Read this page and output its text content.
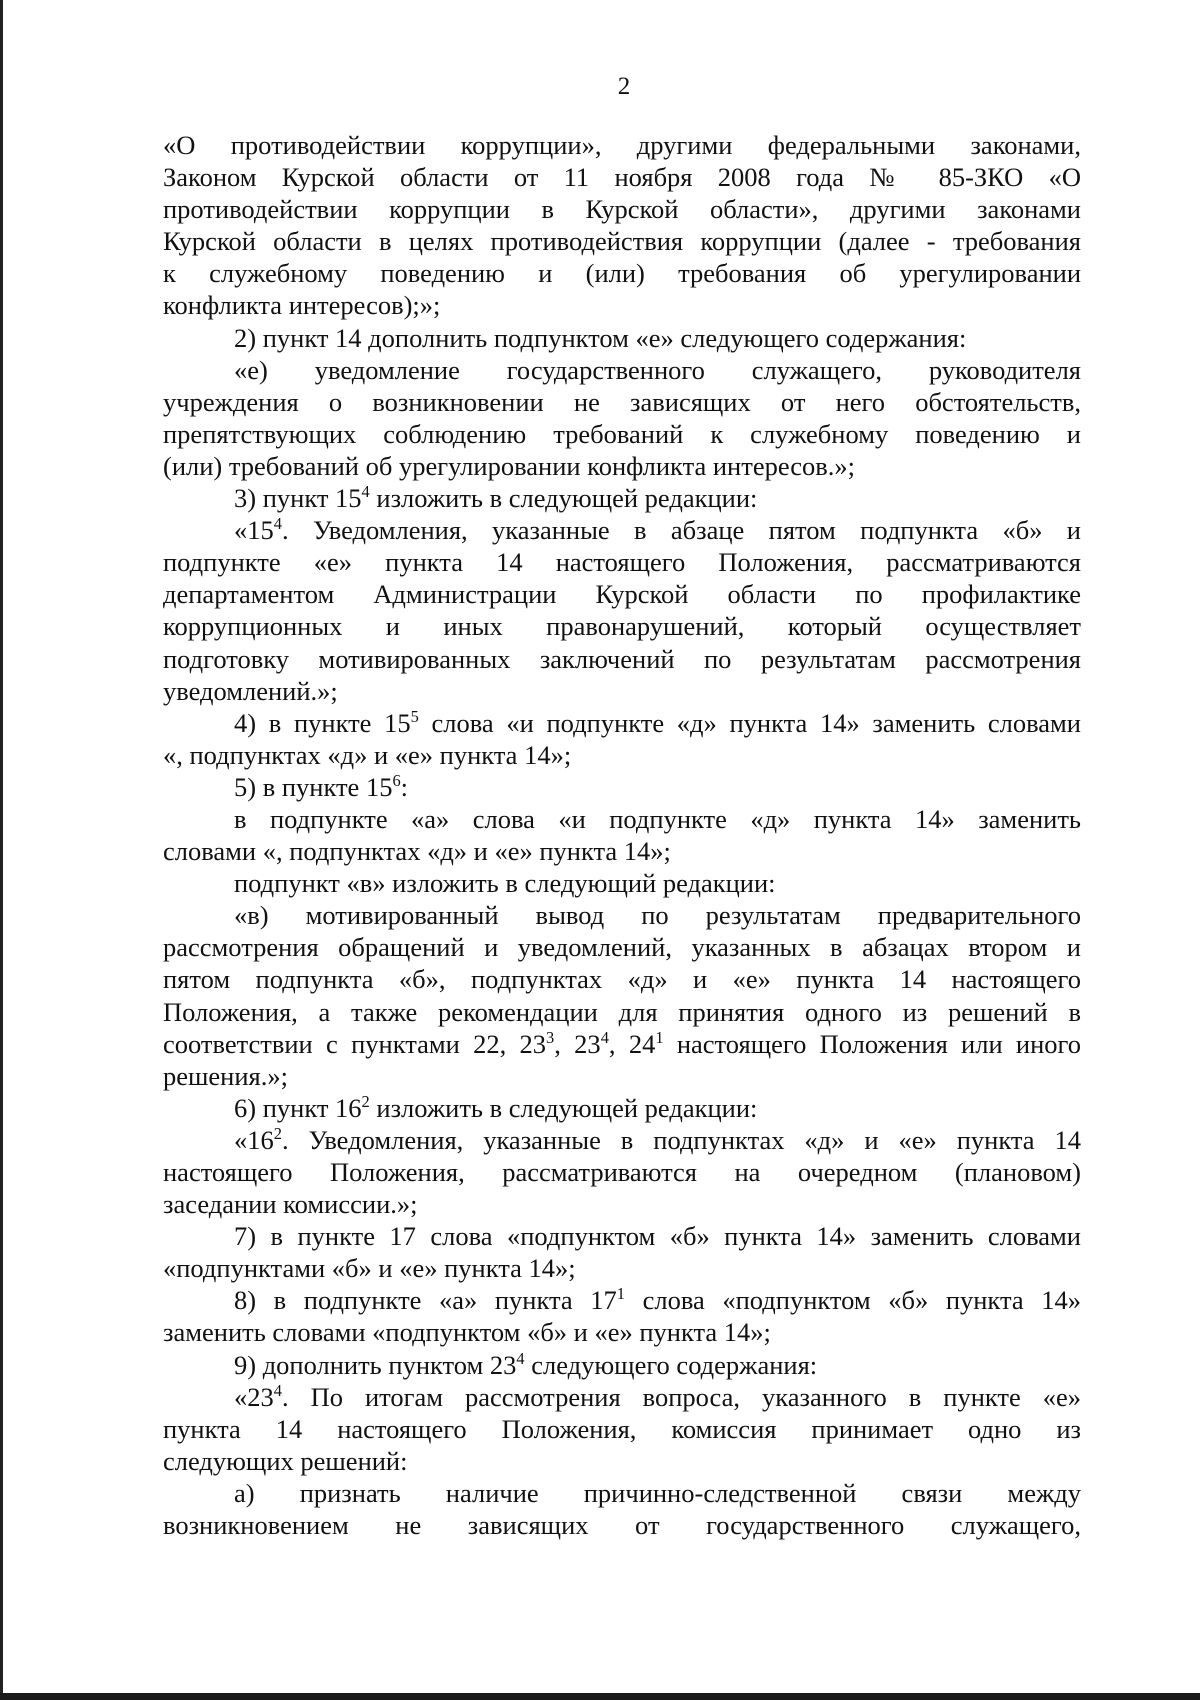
2

«О противодействии коррупции», другими федеральными законами,

Законом Курской области от 11 ноября 2008 года № 85-ЗКО «О

противодействии коррупции в Курской области», другими законами

Курской области в целях противодействия коррупции (далее - требования

к служебному поведению и (или) требования об урегулировании

конфликта интересов);»;

2) пункт 14 дополнить подпунктом «е» следующего содержания:

«е) уведомление государственного служащего, руководителя

учреждения о возникновении не зависящих от него обстоятельств,

препятствующих соблюдению требований к служебному поведению и

(или) требований об урегулировании конфликта интересов.»;

3) пункт $15^4$ изложить в следующей редакции:

«$15^4$. Уведомления, указанные в абзаце пятом подпункта «б» и

подпункте «е» пункта 14 настоящего Положения, рассматриваются

департаментом Администрации Курской области по профилактике

коррупционных и иных правонарушений, который осуществляет

подготовку мотивированных заключений по результатам рассмотрения

уведомлений.»;

4) в пункте $15^5$ слова «и подпункте «д» пункта 14» заменить словами

«, подпунктах «д» и «е» пункта 14»;

5) в пункте $15^6$:

в подпункте «а» слова «и подпункте «д» пункта 14» заменить

словами «, подпунктах «д» и «е» пункта 14»;

подпункт «в» изложить в следующий редакции:

«в) мотивированный вывод по результатам предварительного

рассмотрения обращений и уведомлений, указанных в абзацах втором и

пятом подпункта «б», подпунктах «д» и «е» пункта 14 настоящего

Положения, а также рекомендации для принятия одного из решений в

соответствии с пунктами 22, $23^3$, $23^4$, $24^1$ настоящего Положения или иного

решения.»;

6) пункт $16^2$ изложить в следующей редакции:

«$16^2$. Уведомления, указанные в подпунктах «д» и «е» пункта 14

настоящего Положения, рассматриваются на очередном (плановом)

заседании комиссии.»;

7) в пункте 17 слова «подпунктом «б» пункта 14» заменить словами

«подпунктами «б» и «е» пункта 14»;

8) в подпункте «а» пункта $17^1$ слова «подпунктом «б» пункта 14»

заменить словами «подпунктом «б» и «е» пункта 14»;

9) дополнить пунктом $23^4$ следующего содержания:

«$23^4$. По итогам рассмотрения вопроса, указанного в пункте «е»

пункта 14 настоящего Положения, комиссия принимает одно из

следующих решений:

а) признать наличие причинно-следственной связи между

возникновением не зависящих от государственного служащего,
